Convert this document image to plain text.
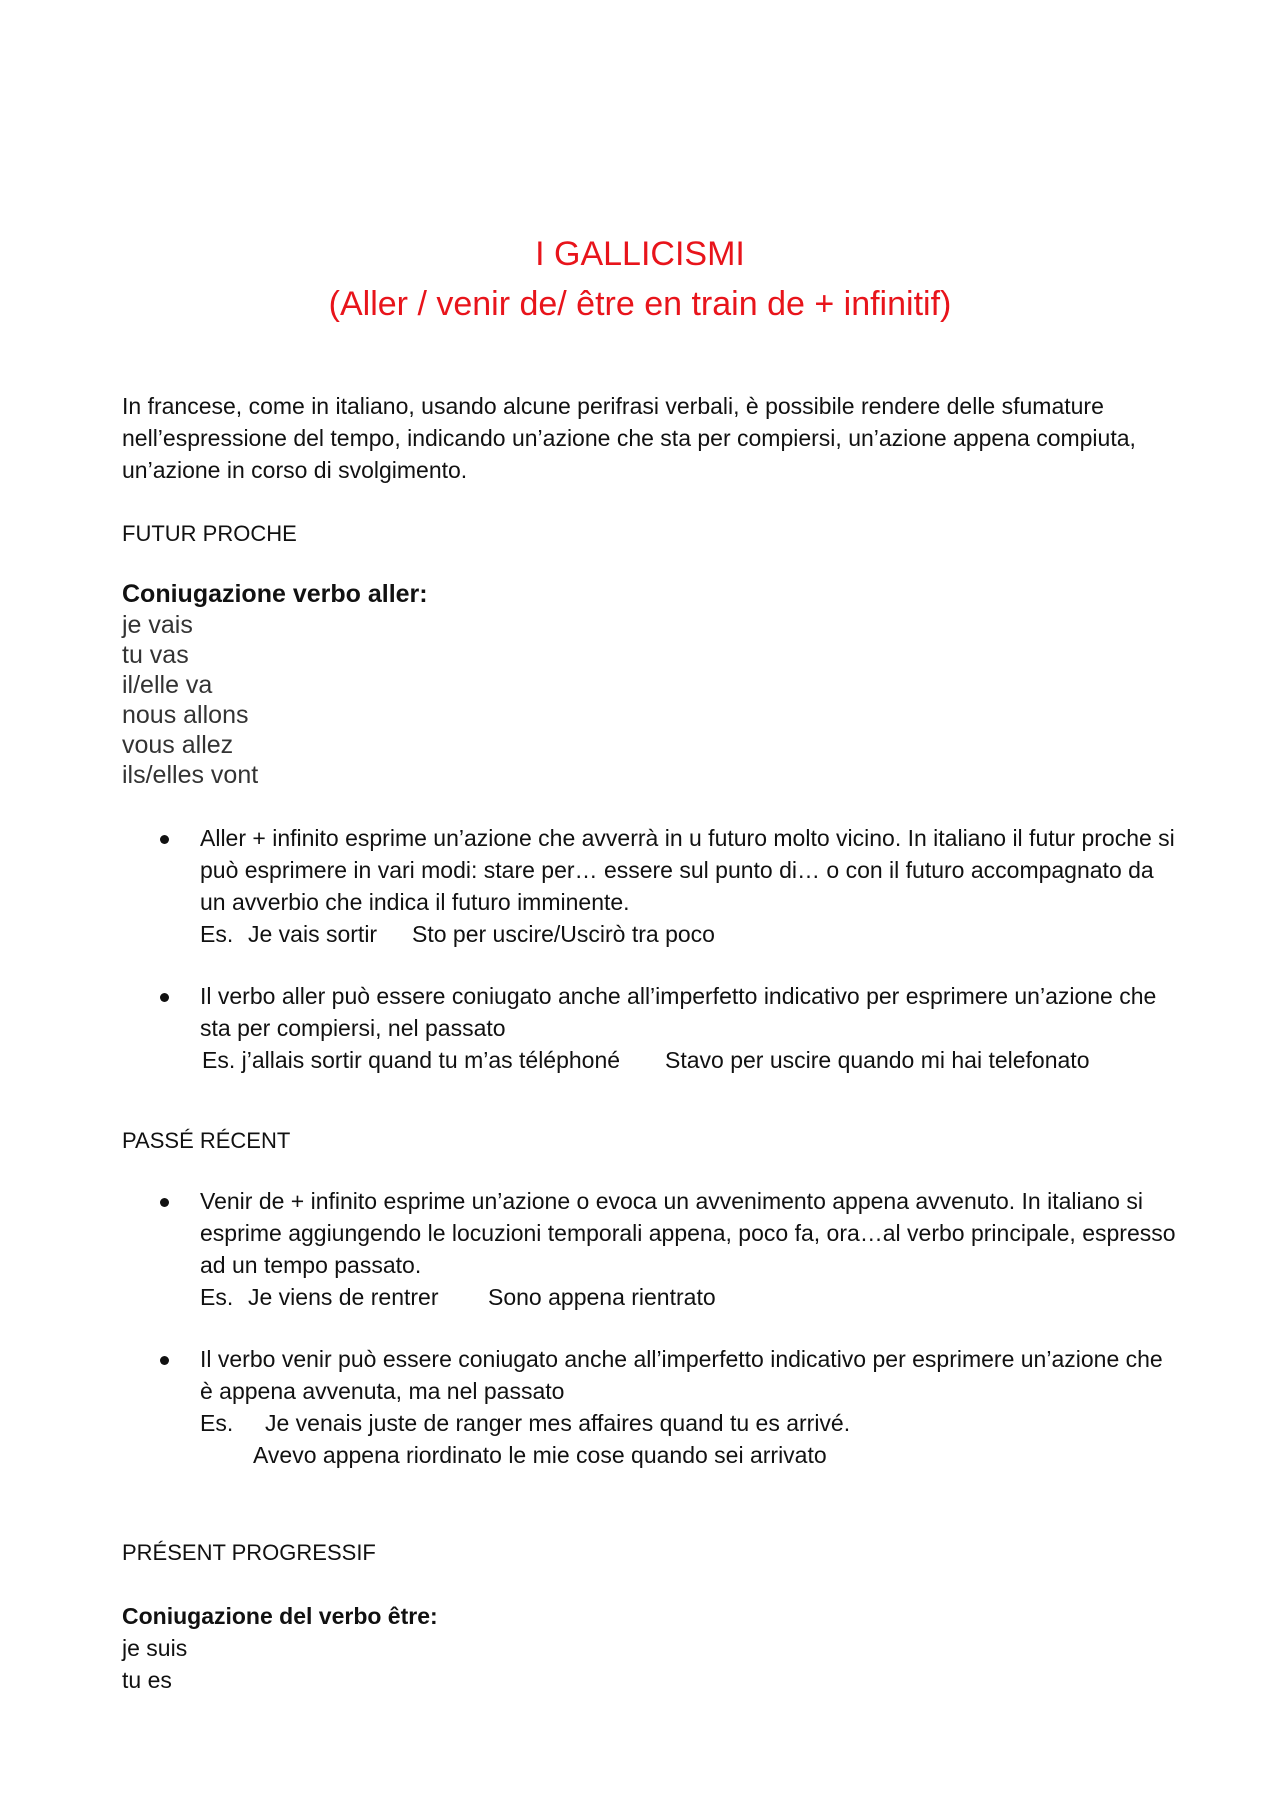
I GALLICISMI
(Aller / venir de/ être en train de + infinitif)
In francese, come in italiano, usando alcune perifrasi verbali, è possibile rendere delle sfumature nell’espressione del tempo, indicando un’azione che sta per compiersi, un’azione appena compiuta, un’azione in corso di svolgimento.
FUTUR PROCHE
Coniugazione verbo aller:
je vais
tu vas
il/elle va
nous allons
vous allez
ils/elles vont
Aller + infinito esprime un’azione che avverrà in u futuro molto vicino. In italiano il futur proche si può esprimere in vari modi: stare per… essere sul punto di… o con il futuro accompagnato da un avverbio che indica il futuro imminente.
Es. Je vais sortir Sto per uscire/Uscirò tra poco
Il verbo aller può essere coniugato anche all’imperfetto indicativo per esprimere un’azione che sta per compiersi, nel passato
Es. j’allais sortir quand tu m’as téléphoné Stavo per uscire quando mi hai telefonato
PASSÉ RÉCENT
Venir de + infinito esprime un’azione o evoca un avvenimento appena avvenuto. In italiano si esprime aggiungendo le locuzioni temporali appena, poco fa, ora…al verbo principale, espresso ad un tempo passato.
Es. Je viens de rentrer Sono appena rientrato
Il verbo venir può essere coniugato anche all’imperfetto indicativo per esprimere un’azione che è appena avvenuta, ma nel passato
Es. Je venais juste de ranger mes affaires quand tu es arrivé.
Avevo appena riordinato le mie cose quando sei arrivato
PRÉSENT PROGRESSIF
Coniugazione del verbo être:
je suis
tu es
